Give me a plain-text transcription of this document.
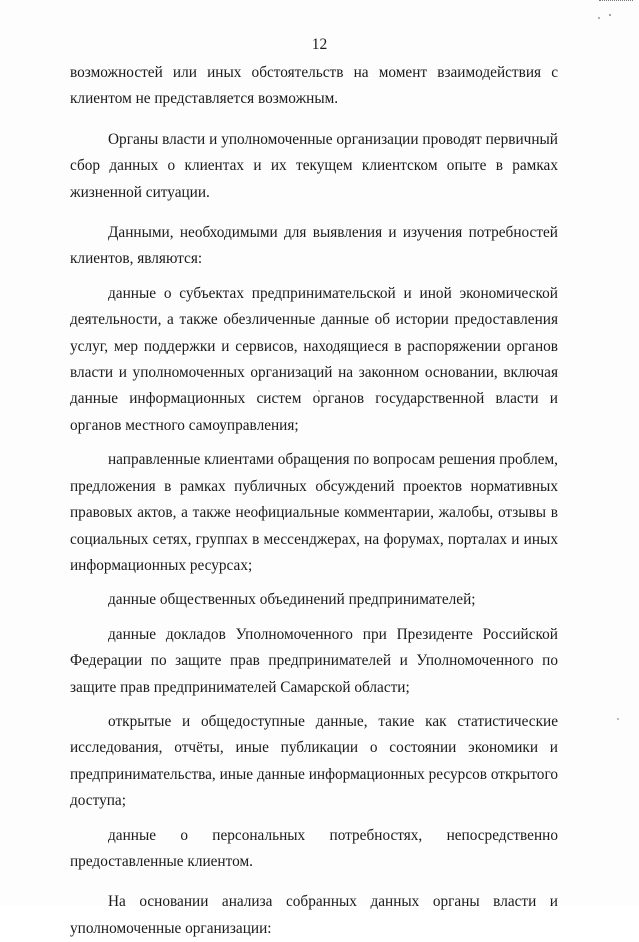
12

возможностей или иных обстоятельств на момент взаимодействия с клиентом не представляется возможным.

Органы власти и уполномоченные организации проводят первичный сбор данных о клиентах и их текущем клиентском опыте в рамках жизненной ситуации.

Данными, необходимыми для выявления и изучения потребностей клиентов, являются:

данные о субъектах предпринимательской и иной экономической деятельности, а также обезличенные данные об истории предоставления услуг, мер поддержки и сервисов, находящиеся в распоряжении органов власти и уполномоченных организаций на законном основании, включая данные информационных систем органов государственной власти и органов местного самоуправления;

направленные клиентами обращения по вопросам решения проблем, предложения в рамках публичных обсуждений проектов нормативных правовых актов, а также неофициальные комментарии, жалобы, отзывы в социальных сетях, группах в мессенджерах, на форумах, порталах и иных информационных ресурсах;

данные общественных объединений предпринимателей;

данные докладов Уполномоченного при Президенте Российской Федерации по защите прав предпринимателей и Уполномоченного по защите прав предпринимателей Самарской области;

открытые и общедоступные данные, такие как статистические исследования, отчёты, иные публикации о состоянии экономики и предпринимательства, иные данные информационных ресурсов открытого доступа;

данные о персональных потребностях, непосредственно предоставленные клиентом.

На основании анализа собранных данных органы власти и уполномоченные организации:
